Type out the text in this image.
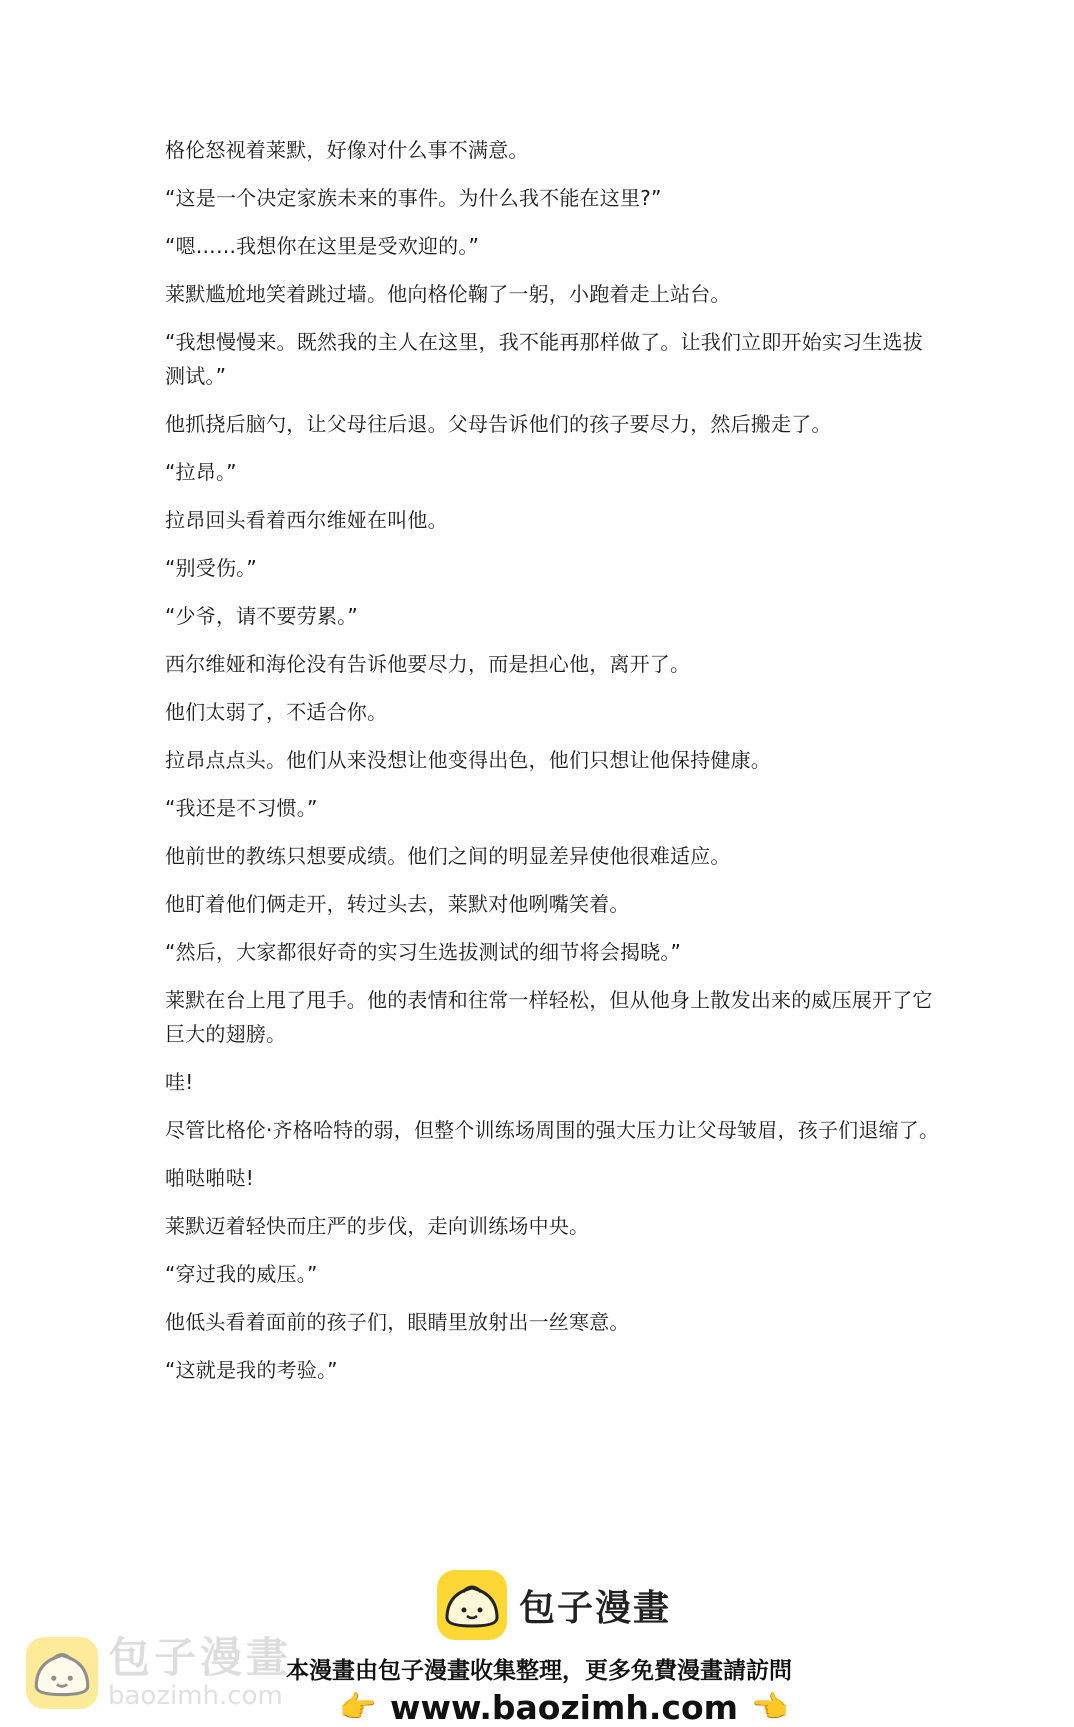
格伦怒视着莱默，好像对什么事不满意。

“这是一个决定家族未来的事件。为什么我不能在这里?”

“嗯……我想你在这里是受欢迎的。”

莱默尴尬地笑着跳过墙。他向格伦鞠了一躬，小跑着走上站台。

“我想慢慢来。既然我的主人在这里，我不能再那样做了。让我们立即开始实习生选拔测试。”

他抓挠后脑勺，让父母往后退。父母告诉他们的孩子要尽力，然后搬走了。

“拉昂。”

拉昂回头看着西尔维娅在叫他。

“别受伤。”

“少爷，请不要劳累。”

西尔维娅和海伦没有告诉他要尽力，而是担心他，离开了。

他们太弱了，不适合你。

拉昂点点头。他们从来没想让他变得出色，他们只想让他保持健康。

“我还是不习惯。”

他前世的教练只想要成绩。他们之间的明显差异使他很难适应。

他盯着他们俩走开，转过头去，莱默对他咧嘴笑着。

“然后，大家都很好奇的实习生选拔测试的细节将会揭晓。”

莱默在台上甩了甩手。他的表情和往常一样轻松，但从他身上散发出来的威压展开了它巨大的翅膀。

哇!

尽管比格伦·齐格哈特的弱，但整个训练场周围的强大压力让父母皱眉，孩子们退缩了。

啪哒啪哒!

莱默迈着轻快而庄严的步伐，走向训练场中央。

“穿过我的威压。”

他低头看着面前的孩子们，眼睛里放射出一丝寒意。

“这就是我的考验。”

包子漫畫
本漫畫由包子漫畫收集整理，更多免費漫畫請訪問
👉 www.baozimh.com 👈
包子漫畫
baozimh.com
